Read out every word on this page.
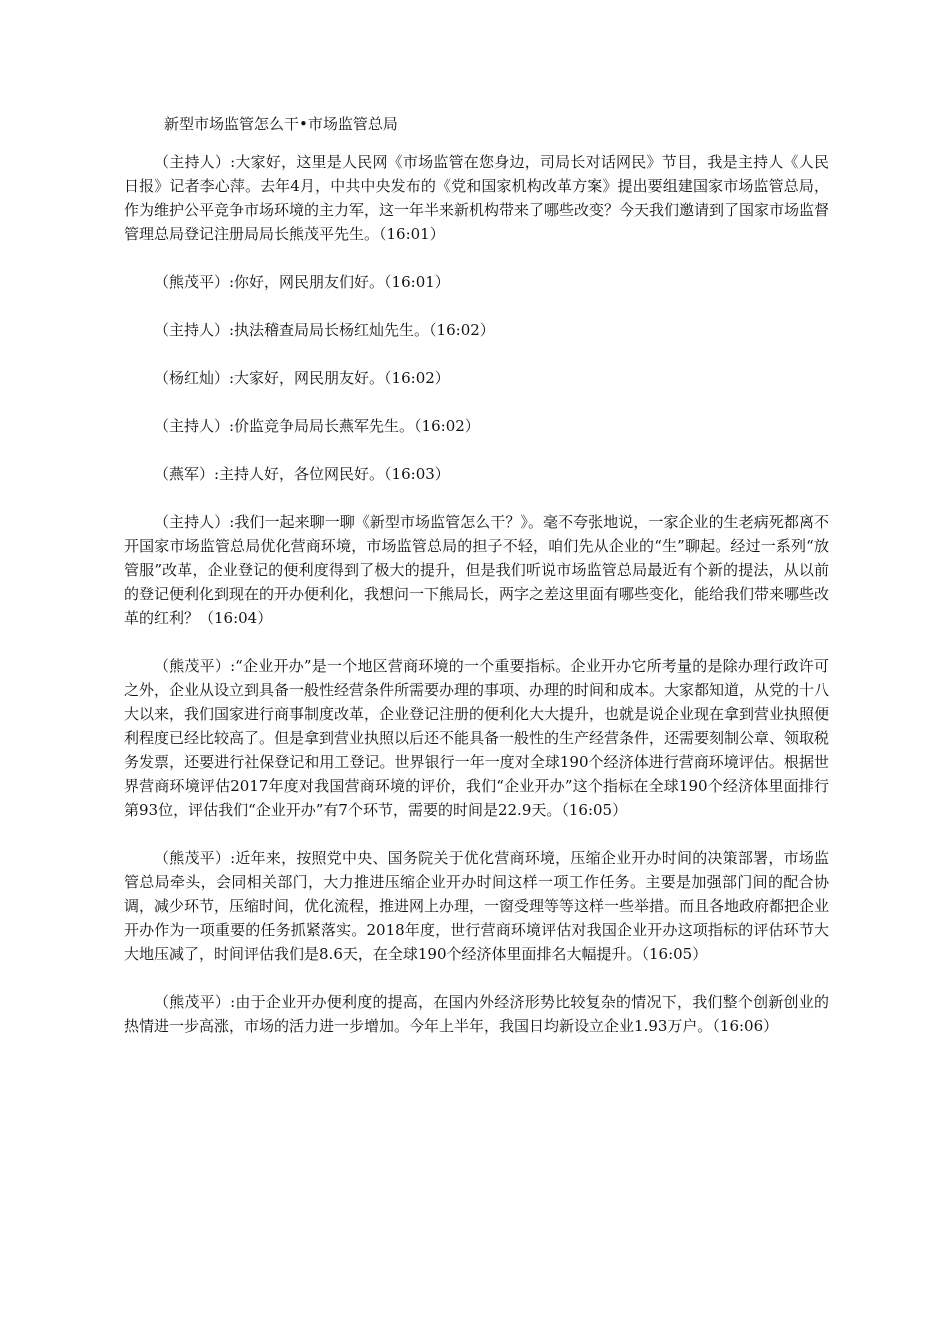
新型市场监管怎么干•市场监管总局

（主持人）:大家好，这里是人民网《市场监管在您身边，司局长对话网民》节目，我是主持人《人民日报》记者李心萍。去年4月，中共中央发布的《党和国家机构改革方案》提出要组建国家市场监管总局，作为维护公平竞争市场环境的主力军，这一年半来新机构带来了哪些改变？今天我们邀请到了国家市场监督管理总局登记注册局局长熊茂平先生。（16:01）

（熊茂平）:你好，网民朋友们好。（16:01）

（主持人）:执法稽查局局长杨红灿先生。（16:02）

（杨红灿）:大家好，网民朋友好。（16:02）

（主持人）:价监竞争局局长燕军先生。（16:02）

（燕军）:主持人好，各位网民好。（16:03）

（主持人）:我们一起来聊一聊《新型市场监管怎么干？》。毫不夸张地说，一家企业的生老病死都离不开国家市场监管总局优化营商环境，市场监管总局的担子不轻，咱们先从企业的“生”聊起。经过一系列“放管服”改革，企业登记的便利度得到了极大的提升，但是我们听说市场监管总局最近有个新的提法，从以前的登记便利化到现在的开办便利化，我想问一下熊局长，两字之差这里面有哪些变化，能给我们带来哪些改革的红利？（16:04）

（熊茂平）:“企业开办”是一个地区营商环境的一个重要指标。企业开办它所考量的是除办理行政许可之外，企业从设立到具备一般性经营条件所需要办理的事项、办理的时间和成本。大家都知道，从党的十八大以来，我们国家进行商事制度改革，企业登记注册的便利化大大提升，也就是说企业现在拿到营业执照便利程度已经比较高了。但是拿到营业执照以后还不能具备一般性的生产经营条件，还需要刻制公章、领取税务发票，还要进行社保登记和用工登记。世界银行一年一度对全球190个经济体进行营商环境评估。根据世界营商环境评估2017年度对我国营商环境的评价，我们“企业开办”这个指标在全球190个经济体里面排行第93位，评估我们“企业开办”有7个环节，需要的时间是22.9天。（16:05）

（熊茂平）:近年来，按照党中央、国务院关于优化营商环境，压缩企业开办时间的决策部署，市场监管总局牵头，会同相关部门，大力推进压缩企业开办时间这样一项工作任务。主要是加强部门间的配合协调，减少环节，压缩时间，优化流程，推进网上办理，一窗受理等等这样一些举措。而且各地政府都把企业开办作为一项重要的任务抓紧落实。2018年度，世行营商环境评估对我国企业开办这项指标的评估环节大大地压减了，时间评估我们是8.6天，在全球190个经济体里面排名大幅提升。（16:05）

（熊茂平）:由于企业开办便利度的提高，在国内外经济形势比较复杂的情况下，我们整个创新创业的热情进一步高涨，市场的活力进一步增加。今年上半年，我国日均新设立企业1.93万户。（16:06）
